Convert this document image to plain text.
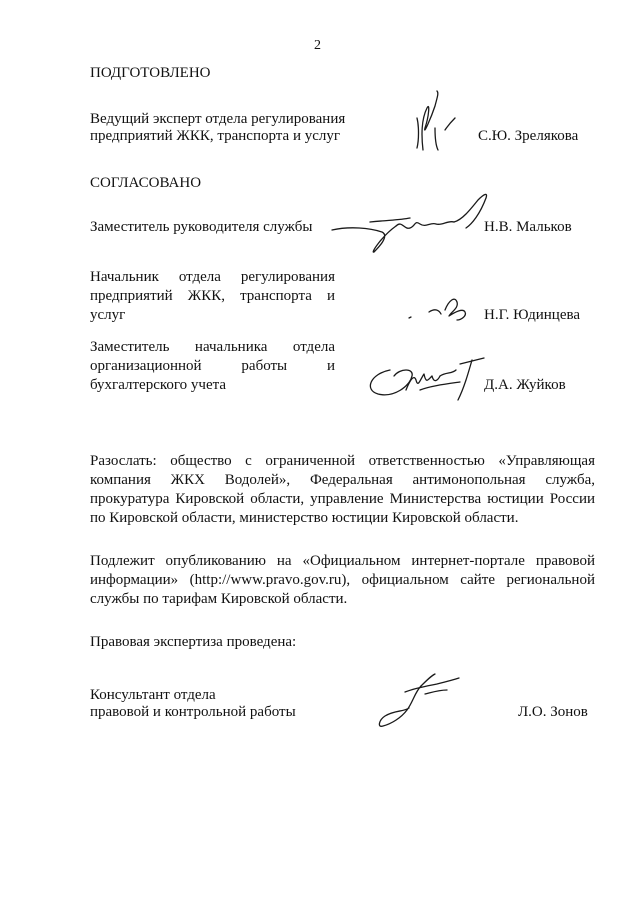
2
ПОДГОТОВЛЕНО
Ведущий эксперт отдела регулирования
предприятий ЖКК, транспорта и услуг	С.Ю. Зрелякова
СОГЛАСОВАНО
Заместитель руководителя службы	Н.В. Мальков
Начальник отдела регулирования
предприятий ЖКК, транспорта и
услуг	Н.Г. Юдинцева
Заместитель начальника отдела
организационной работы и
бухгалтерского учета	Д.А. Жуйков
Разослать: общество с ограниченной ответственностью «Управляющая
компания ЖКХ Водолей», Федеральная антимонопольная служба,
прокуратура Кировской области, управление Министерства юстиции России
по Кировской области, министерство юстиции Кировской области.
Подлежит опубликованию на «Официальном интернет-портале правовой
информации» (http://www.pravo.gov.ru), официальном сайте региональной
службы по тарифам Кировской области.
Правовая экспертиза проведена:
Консультант отдела
правовой и контрольной работы	Л.О. Зонов
